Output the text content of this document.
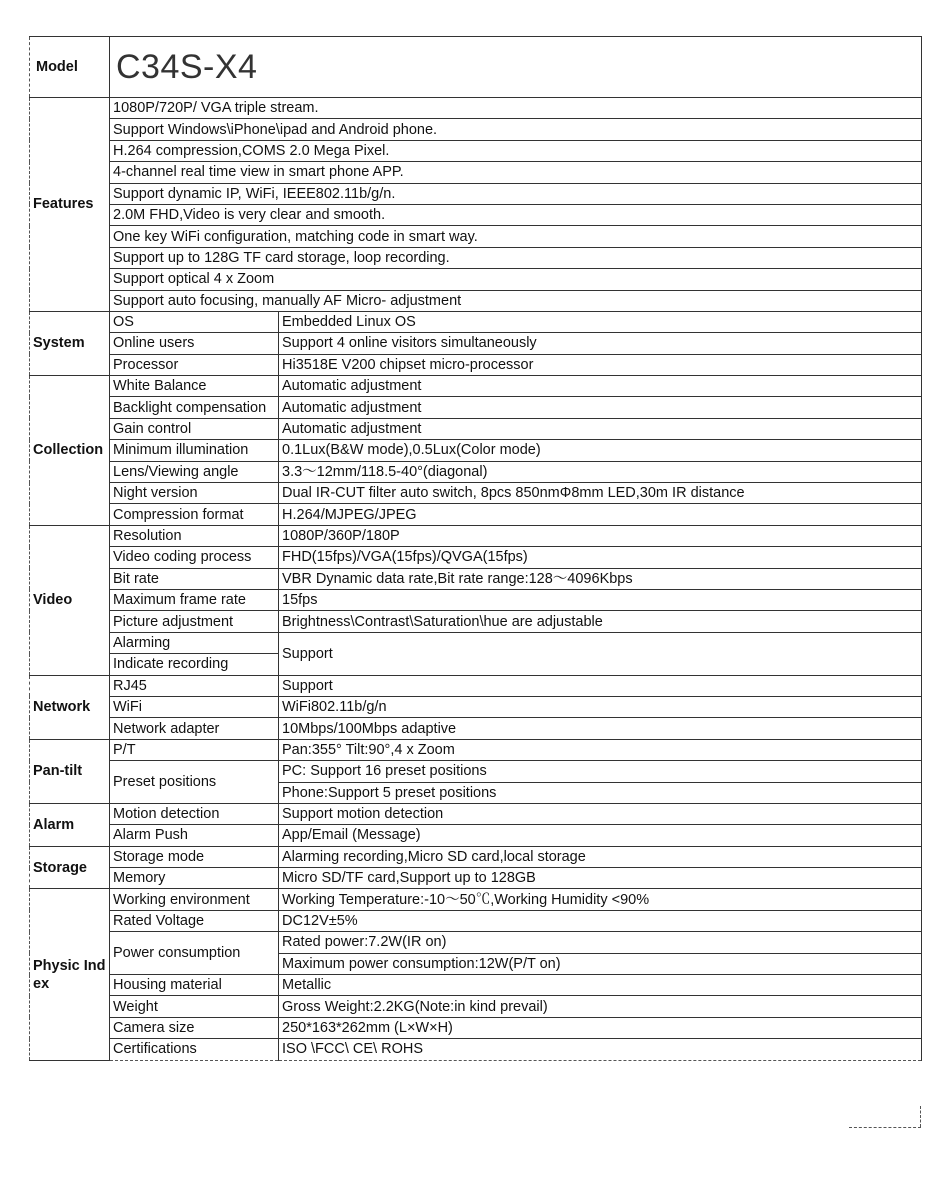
Model	C34S-X4	
Features	1080P/720P/ VGA triple stream.	
	Support Windows\iPhone\ipad and Android phone.	
	H.264 compression,COMS 2.0 Mega Pixel.	
	4-channel real time view in smart phone APP.	
	Support dynamic IP, WiFi, IEEE802.11b/g/n.	
	2.0M FHD,Video is very clear and smooth.	
	One key WiFi configuration, matching code in smart way.	
	Support up to 128G TF card storage, loop recording.	
	Support optical 4 x Zoom	
	Support auto focusing, manually AF Micro- adjustment	
System	OS	Embedded Linux OS
	Online users	Support 4 online visitors simultaneously
	Processor	Hi3518E V200 chipset micro-processor
Collection	White Balance	Automatic adjustment
	Backlight compensation	Automatic adjustment
	Gain control	Automatic adjustment
	Minimum illumination	0.1Lux(B&W mode),0.5Lux(Color mode)
	Lens/Viewing angle	3.3～12mm/118.5-40°(diagonal)
	Night version	Dual IR-CUT filter auto switch, 8pcs 850nmΦ8mm LED,30m IR distance
	Compression format	H.264/MJPEG/JPEG
Video	Resolution	1080P/360P/180P
	Video coding process	FHD(15fps)/VGA(15fps)/QVGA(15fps)
	Bit rate	VBR Dynamic data rate,Bit rate range:128～4096Kbps
	Maximum frame rate	15fps
	Picture adjustment	Brightness\Contrast\Saturation\hue are adjustable
	Alarming	Support
	Indicate recording	
Network	RJ45	Support
	WiFi	WiFi802.11b/g/n
	Network adapter	10Mbps/100Mbps adaptive
Pan-tilt	P/T	Pan:355° Tilt:90°,4 x Zoom
	Preset positions	PC: Support 16 preset positions
		Phone:Support 5 preset positions
Alarm	Motion detection	Support motion detection
	Alarm Push	App/Email (Message)
Storage	Storage mode	Alarming recording,Micro SD card,local storage
	Memory	Micro SD/TF card,Support up to 128GB
Physic Index	Working environment	Working Temperature:-10～50℃,Working Humidity <90%
	Rated Voltage	DC12V±5%
	Power consumption	Rated power:7.2W(IR on)
		Maximum power consumption:12W(P/T on)
	Housing material	Metallic
	Weight	Gross Weight:2.2KG(Note:in kind prevail)
	Camera size	250*163*262mm (L×W×H)
	Certifications	ISO \FCC\ CE\ ROHS
